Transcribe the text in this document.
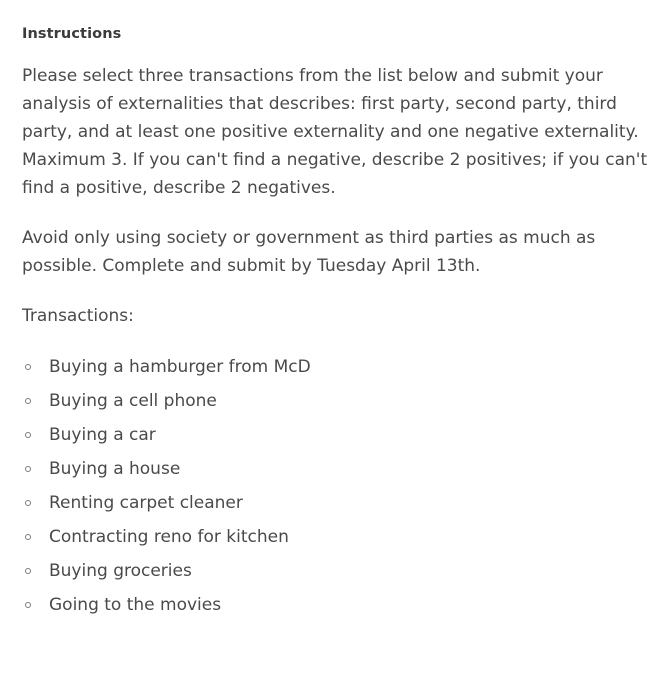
Instructions

Please select three transactions from the list below and submit your analysis of externalities that describes: first party, second party, third party, and at least one positive externality and one negative externality. Maximum 3. If you can't find a negative, describe 2 positives; if you can't find a positive, describe 2 negatives.

Avoid only using society or government as third parties as much as possible. Complete and submit by Tuesday April 13th.

Transactions:

Buying a hamburger from McD
Buying a cell phone
Buying a car
Buying a house
Renting carpet cleaner
Contracting reno for kitchen
Buying groceries
Going to the movies
